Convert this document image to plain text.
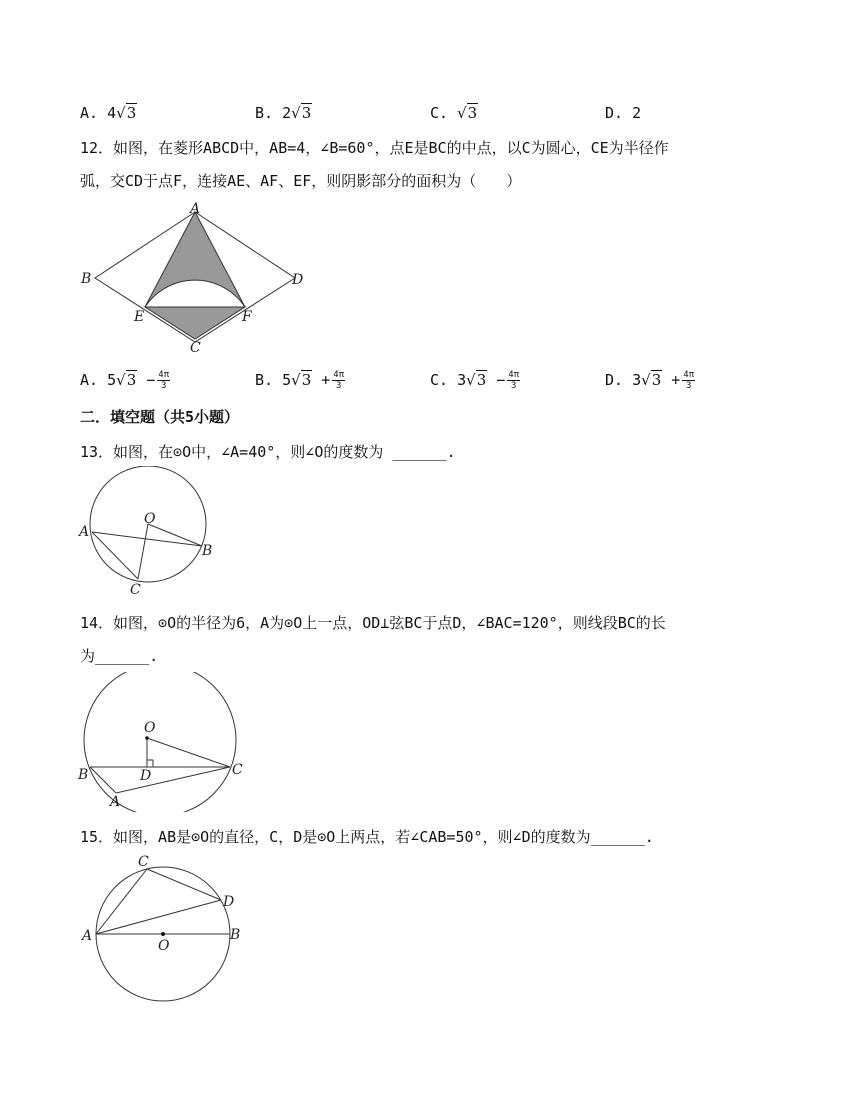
A. 4√3	B. 2√3	C. √3	D. 2
12．如图，在菱形ABCD中，AB=4，∠B=60°，点E是BC的中点，以C为圆心，CE为半径作
弧，交CD于点F，连接AE、AF、EF，则阴影部分的面积为（　　）
A
B
C
D
E	F
A. $5√3 - \frac{4\pi}{3}$	B. $5√3 + \frac{4\pi}{3}$	C. $3√3 - \frac{4\pi}{3}$	D. $3√3 + \frac{4\pi}{3}$
二．填空题（共5小题）
13．如图，在⊙O中，∠A=40°，则∠O的度数为 ______.
O
A
B
C
14．如图，⊙O的半径为6，A为⊙O上一点，OD⊥弦BC于点D，∠BAC=120°，则线段BC的长
为______.
O
B	D	C
A
15．如图，AB是⊙O的直径，C，D是⊙O上两点，若∠CAB=50°，则∠D的度数为______.
C
D
A
O
B
